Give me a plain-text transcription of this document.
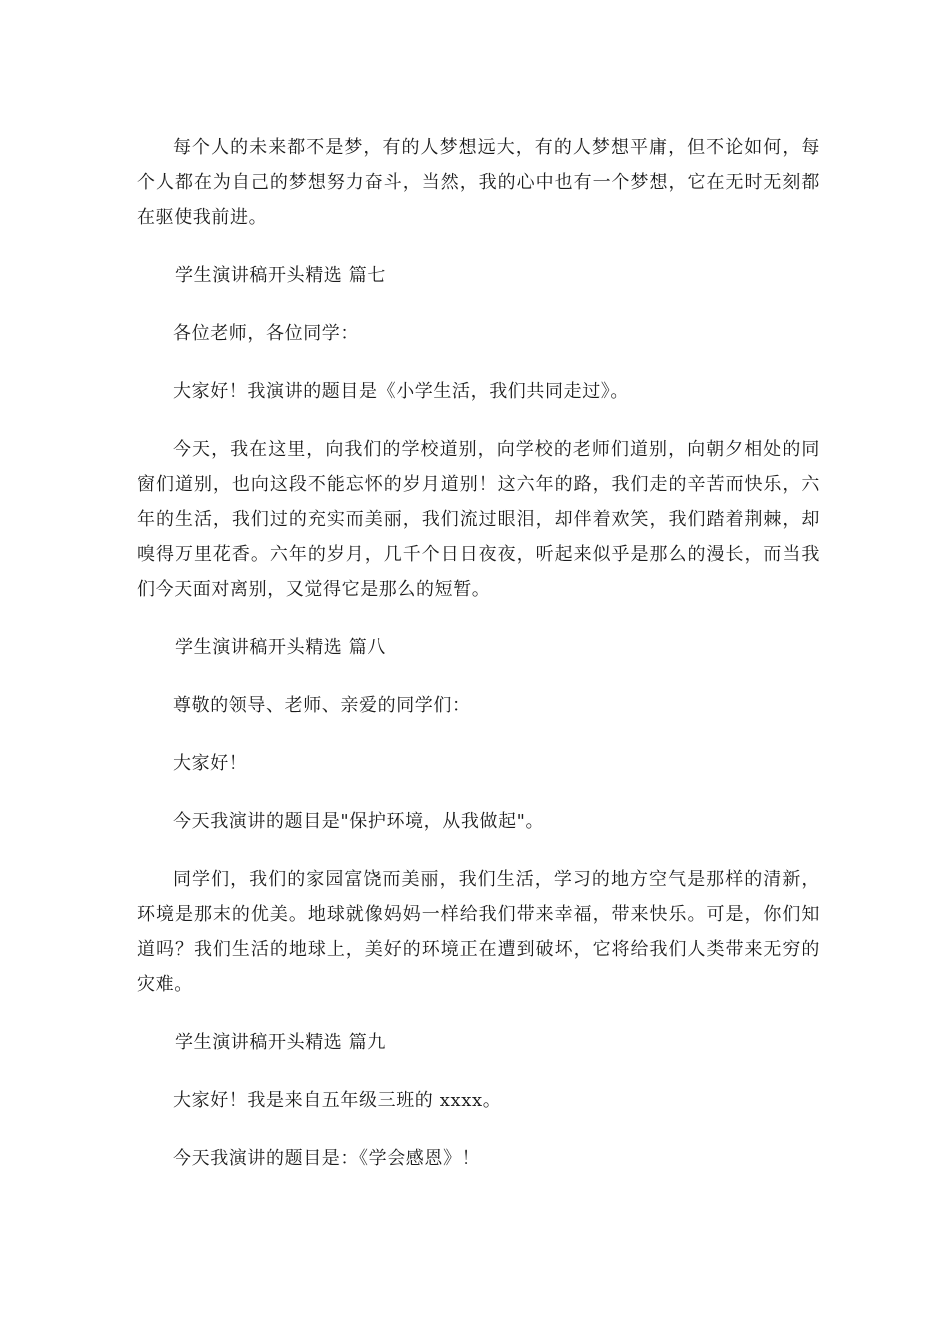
每个人的未来都不是梦，有的人梦想远大，有的人梦想平庸，但不论如何，每个人都在为自己的梦想努力奋斗，当然，我的心中也有一个梦想，它在无时无刻都在驱使我前进。

学生演讲稿开头精选 篇七

各位老师，各位同学：

大家好！我演讲的题目是《小学生活，我们共同走过》。

今天，我在这里，向我们的学校道别，向学校的老师们道别，向朝夕相处的同窗们道别，也向这段不能忘怀的岁月道别！这六年的路，我们走的辛苦而快乐，六年的生活，我们过的充实而美丽，我们流过眼泪，却伴着欢笑，我们踏着荆棘，却嗅得万里花香。六年的岁月，几千个日日夜夜，听起来似乎是那么的漫长，而当我们今天面对离别，又觉得它是那么的短暂。

学生演讲稿开头精选 篇八

尊敬的领导、老师、亲爱的同学们：

大家好！

今天我演讲的题目是"保护环境，从我做起"。

同学们，我们的家园富饶而美丽，我们生活，学习的地方空气是那样的清新，环境是那末的优美。地球就像妈妈一样给我们带来幸福，带来快乐。可是，你们知道吗？我们生活的地球上，美好的环境正在遭到破坏，它将给我们人类带来无穷的灾难。

学生演讲稿开头精选 篇九

大家好！我是来自五年级三班的 xxxx。

今天我演讲的题目是：《学会感恩》！
